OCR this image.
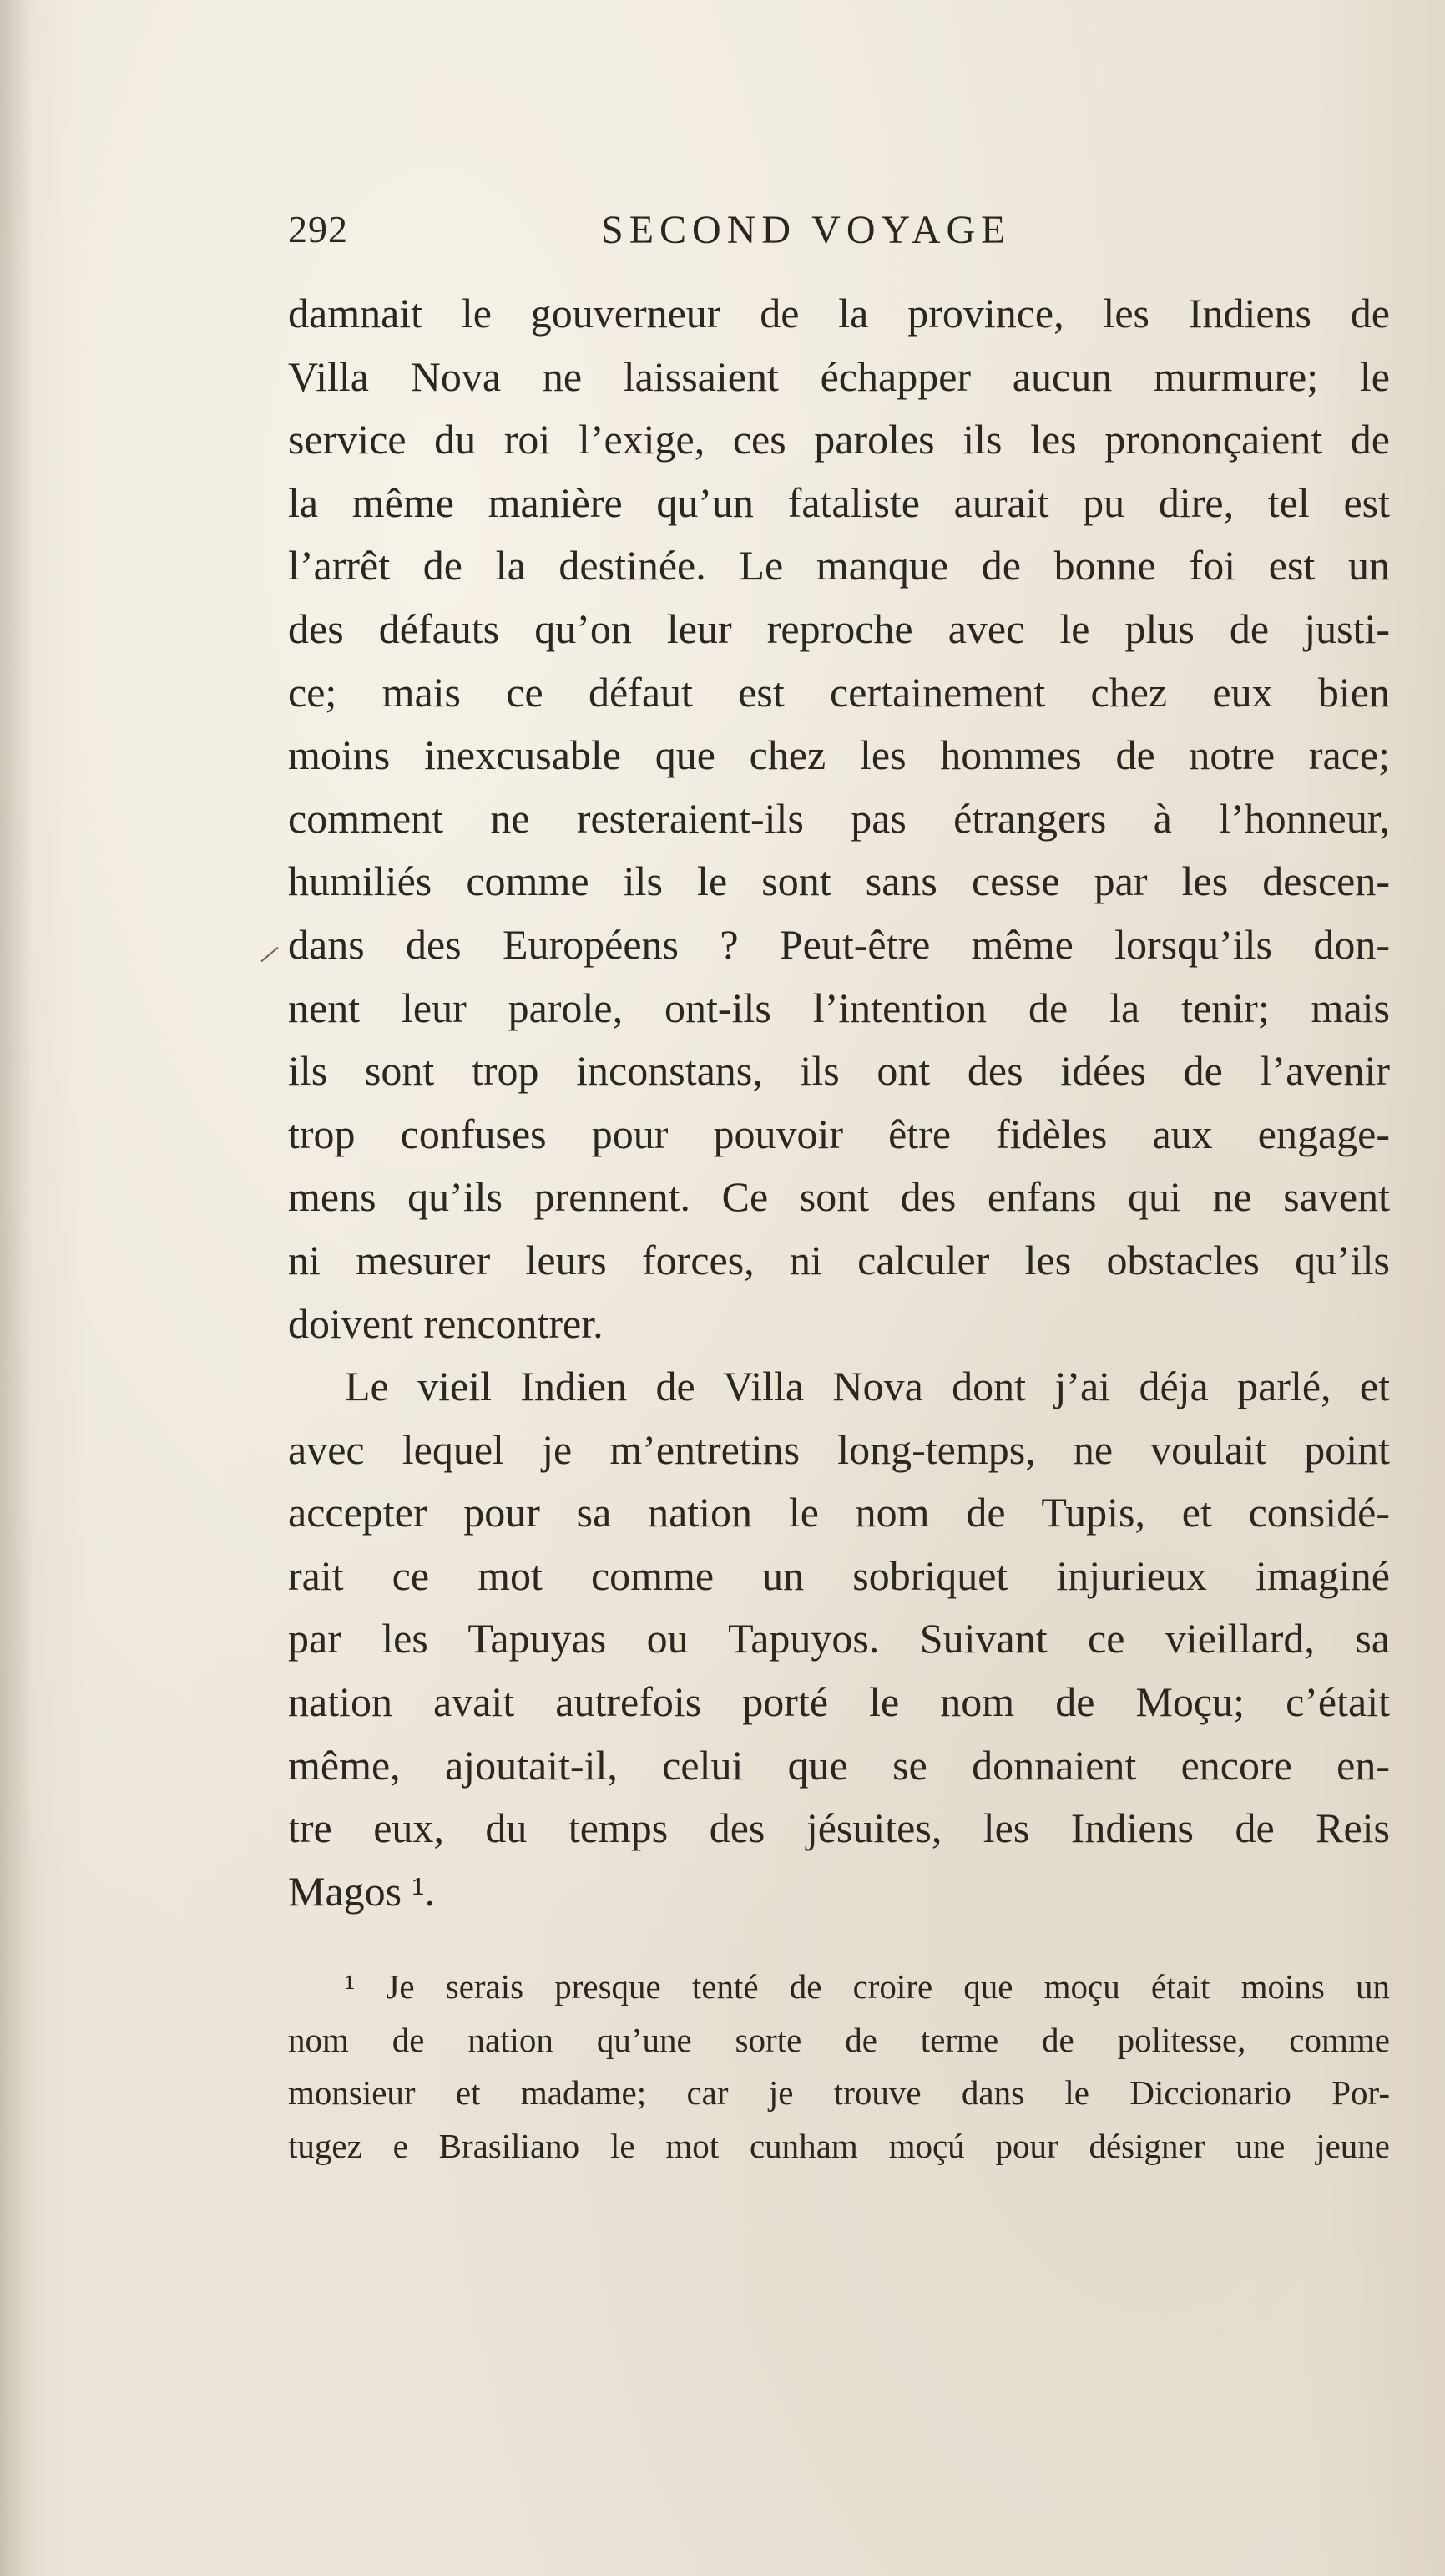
292	SECOND VOYAGE
damnait le gouverneur de la province, les Indiens de
Villa Nova ne laissaient échapper aucun murmure; le
service du roi l’exige, ces paroles ils les prononçaient de
la même manière qu’un fataliste aurait pu dire, tel est
l’arrêt de la destinée. Le manque de bonne foi est un
des défauts qu’on leur reproche avec le plus de justi-
ce; mais ce défaut est certainement chez eux bien
moins inexcusable que chez les hommes de notre race;
comment ne resteraient-ils pas étrangers à l’honneur,
humiliés comme ils le sont sans cesse par les descen-
dans des Européens ? Peut-être même lorsqu’ils don-
nent leur parole, ont-ils l’intention de la tenir; mais
ils sont trop inconstans, ils ont des idées de l’avenir
trop confuses pour pouvoir être fidèles aux engage-
mens qu’ils prennent. Ce sont des enfans qui ne savent
ni mesurer leurs forces, ni calculer les obstacles qu’ils
doivent rencontrer.
Le vieil Indien de Villa Nova dont j’ai déja parlé, et
avec lequel je m’entretins long-temps, ne voulait point
accepter pour sa nation le nom de Tupis, et considé-
rait ce mot comme un sobriquet injurieux imaginé
par les Tapuyas ou Tapuyos. Suivant ce vieillard, sa
nation avait autrefois porté le nom de Moçu; c’était
même, ajoutait-il, celui que se donnaient encore en-
tre eux, du temps des jésuites, les Indiens de Reis
Magos ¹.
¹ Je serais presque tenté de croire que moçu était moins un
nom de nation qu’une sorte de terme de politesse, comme
monsieur et madame; car je trouve dans le Diccionario Por-
tugez e Brasiliano le mot cunham moçú pour désigner une jeune
